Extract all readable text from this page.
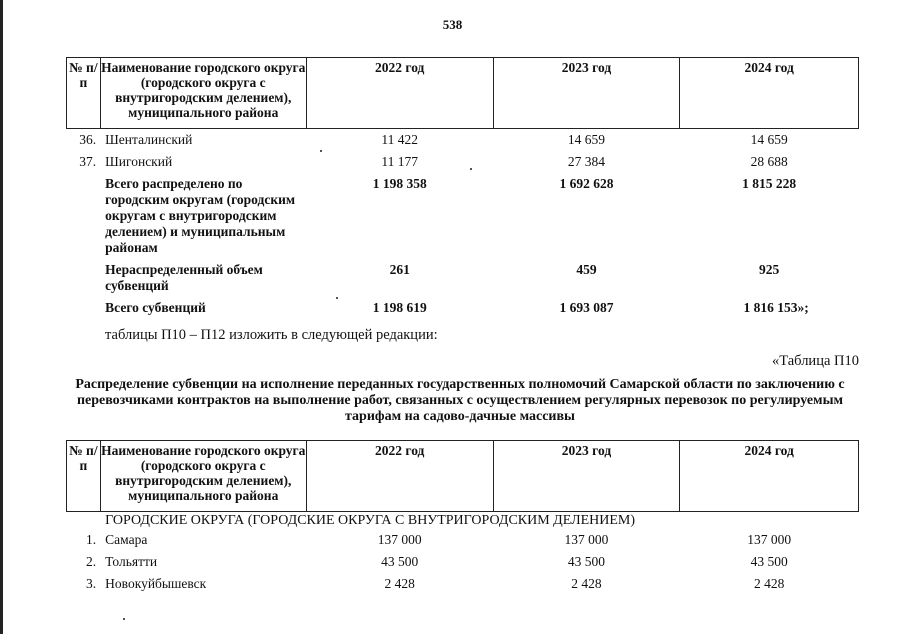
538
№ п/п	Наименование городского округа (городского округа с внутригородским делением), муниципального района	2022 год	2023 год	2024 год
36.	Шенталинский	11 422	14 659	14 659
37.	Шигонский	11 177	27 384	28 688
	Всего распределено по городским округам (городским округам с внутригородским делением) и муниципальным районам	1 198 358	1 692 628	1 815 228
	Нераспределенный объем субвенций	261	459	925
	Всего субвенций	1 198 619	1 693 087	1 816 153»;
таблицы П10 – П12 изложить в следующей редакции:
«Таблица П10
Распределение субвенции на исполнение переданных государственных полномочий Самарской области по заключению с перевозчиками контрактов на выполнение работ, связанных с осуществлением регулярных перевозок по регулируемым тарифам на садово-дачные массивы
№ п/п	Наименование городского округа (городского округа с внутригородским делением), муниципального района	2022 год	2023 год	2024 год
	ГОРОДСКИЕ ОКРУГА (ГОРОДСКИЕ ОКРУГА С ВНУТРИГОРОДСКИМ ДЕЛЕНИЕМ)			
1.	Самара	137 000	137 000	137 000
2.	Тольятти	43 500	43 500	43 500
3.	Новокуйбышевск	2 428	2 428	2 428
